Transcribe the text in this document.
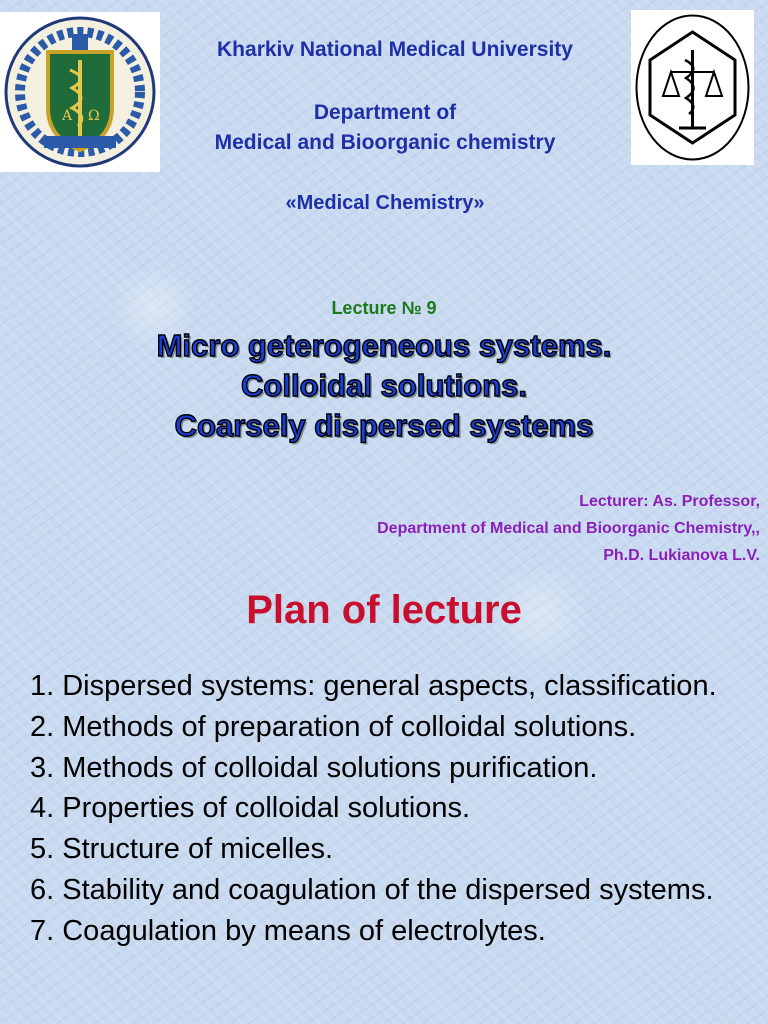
Α Ω
Kharkiv National Medical University
Department of
Medical and Bioorganic chemistry
«Medical Chemistry»
Lecture № 9
Micro geterogeneous systems.
Colloidal solutions.
Coarsely dispersed systems
Lecturer: As. Professor,
Department of Medical and Bioorganic Chemistry,,
Ph.D. Lukianova L.V.
Plan of lecture
1. Dispersed systems: general aspects, classification.
2. Methods of preparation of colloidal solutions.
3. Methods of colloidal solutions purification.
4. Properties of colloidal solutions.
5. Structure of micelles.
6. Stability and coagulation of the dispersed systems.
7. Coagulation by means of electrolytes.
